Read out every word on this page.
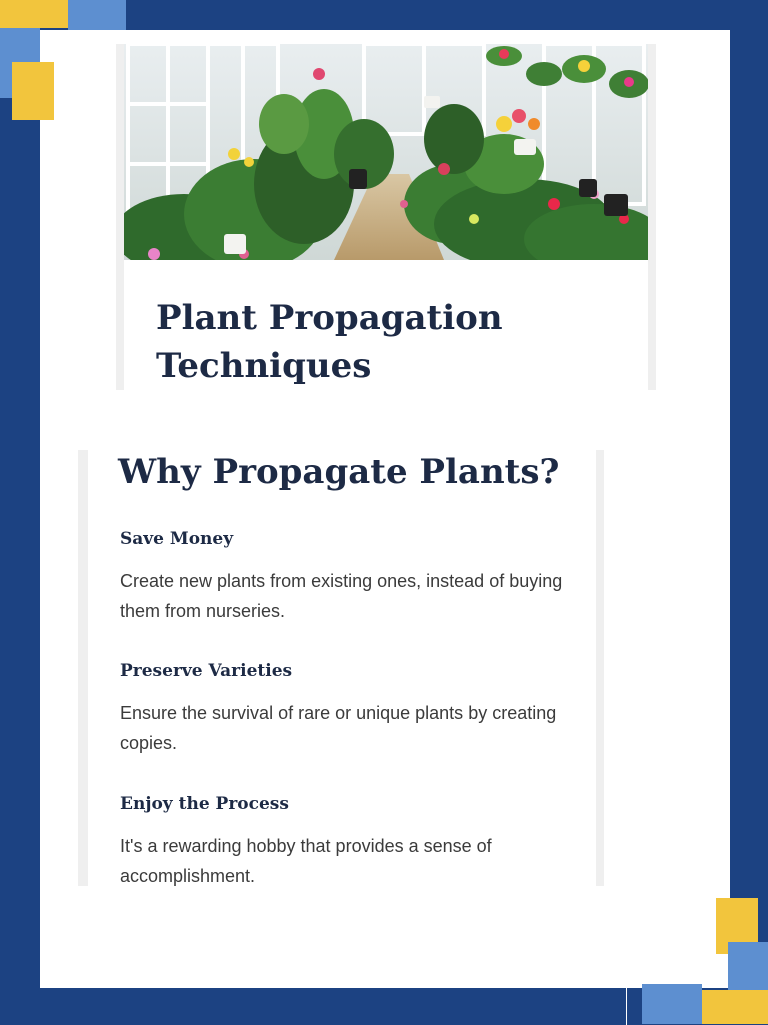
Plant Propagation Techniques
Why Propagate Plants?
Save Money

Create new plants from existing ones, instead of buying them from nurseries.

Preserve Varieties

Ensure the survival of rare or unique plants by creating copies.

Enjoy the Process

It's a rewarding hobby that provides a sense of accomplishment.
